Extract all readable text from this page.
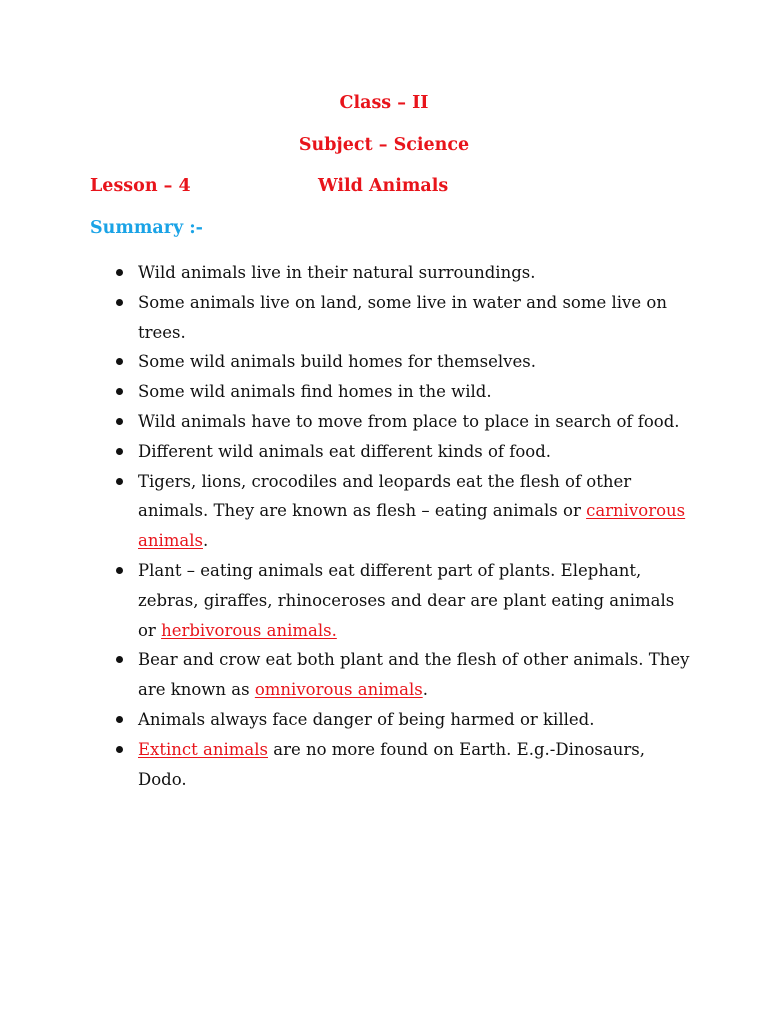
Class – II
Subject – Science
Lesson – 4	Wild Animals
Summary :-
Wild animals live in their natural surroundings.
Some animals live on land, some live in water and some live on trees.
Some wild animals build homes for themselves.
Some wild animals find homes in the wild.
Wild animals have to move from place to place in search of food.
Different wild animals eat different kinds of food.
Tigers, lions, crocodiles and leopards eat the flesh of other animals. They are known as flesh – eating animals or carnivorous animals.
Plant – eating animals eat different part of plants. Elephant, zebras, giraffes, rhinoceroses and dear are plant eating animals or herbivorous animals.
Bear and crow eat both plant and the flesh of other animals. They are known as omnivorous animals.
Animals always face danger of being harmed or killed.
Extinct animals are no more found on Earth. E.g.-Dinosaurs, Dodo.
